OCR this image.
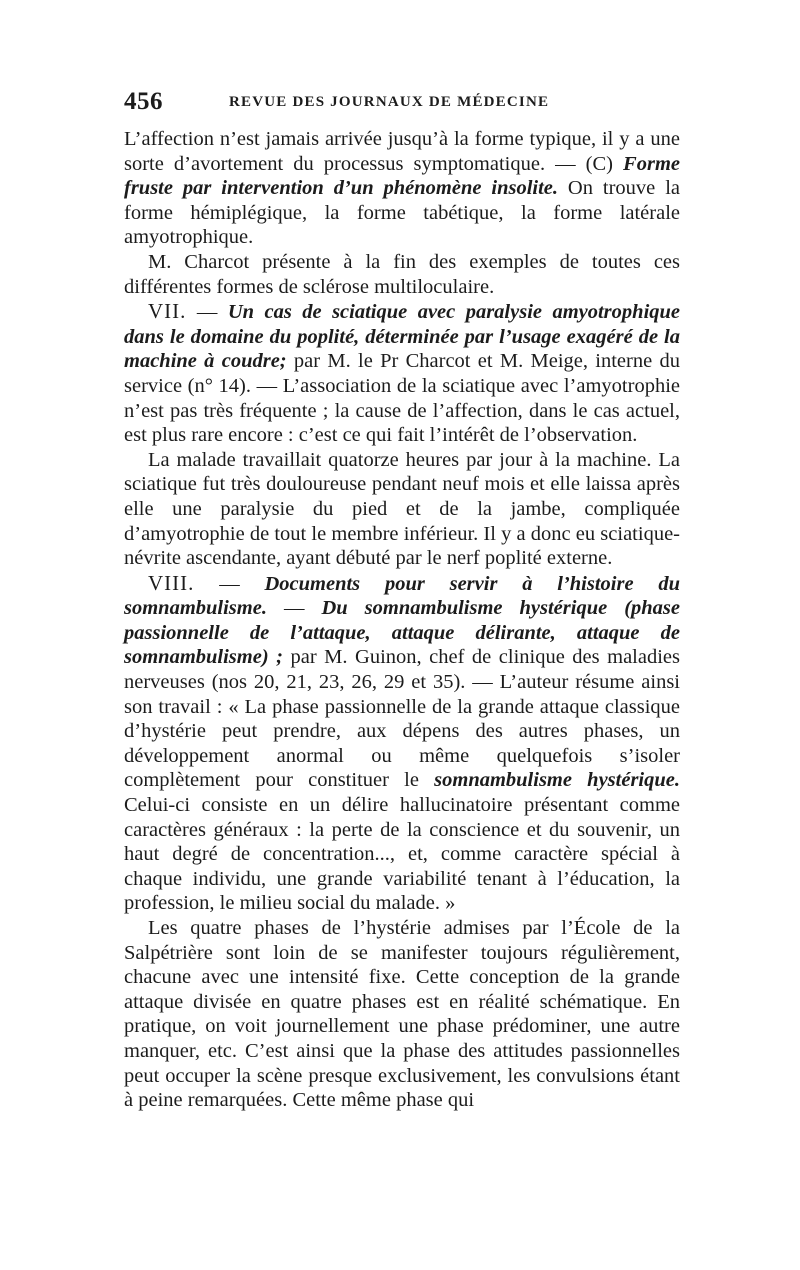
456	REVUE DES JOURNAUX DE MÉDECINE

L’affection n’est jamais arrivée jusqu’à la forme typique, il y a une sorte d’avortement du processus symptomatique. — (C) Forme fruste par intervention d’un phénomène insolite. On trouve la forme hémiplégique, la forme tabétique, la forme latérale amyotrophique.

M. Charcot présente à la fin des exemples de toutes ces différentes formes de sclérose multiloculaire.

VII. — Un cas de sciatique avec paralysie amyotrophique dans le domaine du poplité, déterminée par l’usage exagéré de la machine à coudre; par M. le Pr Charcot et M. Meige, interne du service (n° 14). — L’association de la sciatique avec l’amyotrophie n’est pas très fréquente ; la cause de l’affection, dans le cas actuel, est plus rare encore : c’est ce qui fait l’intérêt de l’observation.

La malade travaillait quatorze heures par jour à la machine. La sciatique fut très douloureuse pendant neuf mois et elle laissa après elle une paralysie du pied et de la jambe, compliquée d’amyotrophie de tout le membre inférieur. Il y a donc eu sciatique-névrite ascendante, ayant débuté par le nerf poplité externe.

VIII. — Documents pour servir à l’histoire du somnambulisme. — Du somnambulisme hystérique (phase passionnelle de l’attaque, attaque délirante, attaque de somnambulisme) ; par M. Guinon, chef de clinique des maladies nerveuses (nos 20, 21, 23, 26, 29 et 35). — L’auteur résume ainsi son travail : « La phase passionnelle de la grande attaque classique d’hystérie peut prendre, aux dépens des autres phases, un développement anormal ou même quelquefois s’isoler complètement pour constituer le somnambulisme hystérique. Celui-ci consiste en un délire hallucinatoire présentant comme caractères généraux : la perte de la conscience et du souvenir, un haut degré de concentration..., et, comme caractère spécial à chaque individu, une grande variabilité tenant à l’éducation, la profession, le milieu social du malade. »

Les quatre phases de l’hystérie admises par l’École de la Salpétrière sont loin de se manifester toujours régulièrement, chacune avec une intensité fixe. Cette conception de la grande attaque divisée en quatre phases est en réalité schématique. En pratique, on voit journellement une phase prédominer, une autre manquer, etc. C’est ainsi que la phase des attitudes passionnelles peut occuper la scène presque exclusivement, les convulsions étant à peine remarquées. Cette même phase qui
